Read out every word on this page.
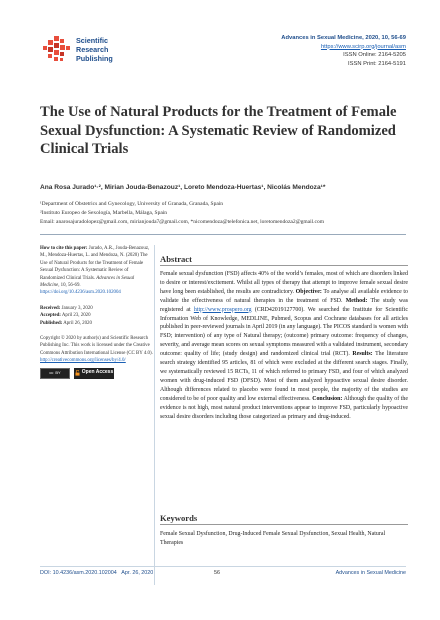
Scientific
Research
Publishing
Advances in Sexual Medicine, 2020, 10, 56-69
https://www.scirp.org/journal/asm
ISSN Online: 2164-5205
ISSN Print: 2164-5191
The Use of Natural Products for the Treatment of Female Sexual Dysfunction: A Systematic Review of Randomized Clinical Trials
Ana Rosa Jurado¹·², Mirian Jouda-Benazouz¹, Loreto Mendoza-Huertas¹, Nicolás Mendoza¹*
¹Department of Obstetrics and Gynecology, University of Granada, Granada, Spain
²Instituto Europeo de Sexología, Marbella, Málaga, Spain
Email: anarosajuradolopez@gmail.com, mirianjouda7@gmail.com, *nicomendoza@telefonica.net, loretomendoza2@gmail.com
How to cite this paper: Jurado, A.R., Jouda-Benazouz, M., Mendoza-Huertas, L. and Mendoza, N. (2020) The Use of Natural Products for the Treatment of Female Sexual Dysfunction: A Systematic Review of Randomized Clinical Trials. Advances in Sexual Medicine, 10, 56-69. https://doi.org/10.4236/asm.2020.102004
Received: January 3, 2020
Accepted: April 23, 2020
Published: April 26, 2020
Copyright © 2020 by author(s) and Scientific Research Publishing Inc. This work is licensed under the Creative Commons Attribution International License (CC BY 4.0). http://creativecommons.org/licenses/by/4.0/
cc BY	Open Access
Abstract
Female sexual dysfunction (FSD) affects 40% of the world’s females, most of which are disorders linked to desire or interest/excitement. Whilst all types of therapy that attempt to improve female sexual desire have long been established, the results are contradictory. Objective: To analyse all available evidence to validate the effectiveness of natural therapies in the treatment of FSD. Method: The study was registered at http://www.prospero.org (CRD42019127700). We searched the Institute for Scientific Information Web of Knowledge, MEDLINE, Pubmed, Scopus and Cochrane databases for all articles published in peer-reviewed journals in April 2019 (in any language). The PICOS standard is women with FSD; intervention) of any type of Natural therapy; (outcome) primary outcome: frequency of changes, severity, and average mean scores on sexual symptoms measured with a validated instrument, secondary outcome: quality of life; (study design) and randomized clinical trial (RCT). Results: The literature search strategy identified 95 articles, 81 of which were excluded at the different search stages. Finally, we systematically reviewed 15 RCTs, 11 of which referred to primary FSD, and four of which analyzed women with drug-induced FSD (DFSD). Most of them analyzed hypoactive sexual desire disorder. Although differences related to placebo were found in most people, the majority of the studies are considered to be of poor quality and low external effectiveness. Conclusion: Although the quality of the evidence is not high, most natural product interventions appear to improve FSD, particularly hypoactive sexual desire disorders including those categorized as primary and drug-induced.
Keywords
Female Sexual Dysfunction, Drug-Induced Female Sexual Dysfunction, Sexual Health, Natural Therapies
DOI: 10.4236/asm.2020.102004 Apr. 26, 2020	56	Advances in Sexual Medicine
